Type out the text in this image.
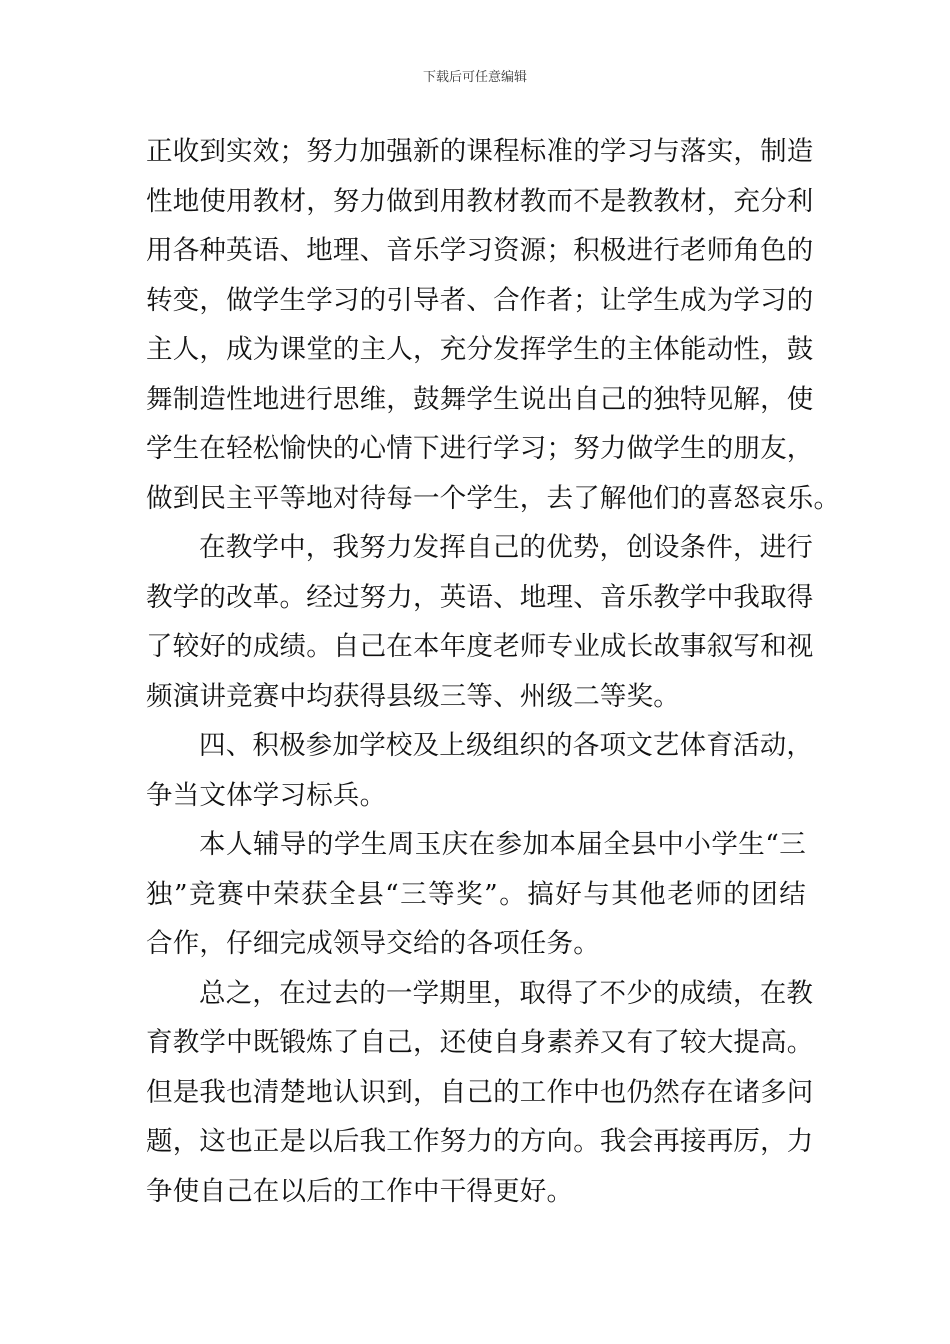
下载后可任意编辑
正收到实效；努力加强新的课程标准的学习与落实，制造
性地使用教材，努力做到用教材教而不是教教材，充分利
用各种英语、地理、音乐学习资源；积极进行老师角色的
转变，做学生学习的引导者、合作者；让学生成为学习的
主人，成为课堂的主人，充分发挥学生的主体能动性，鼓
舞制造性地进行思维，鼓舞学生说出自己的独特见解，使
学生在轻松愉快的心情下进行学习；努力做学生的朋友，
做到民主平等地对待每一个学生，去了解他们的喜怒哀乐。
在教学中，我努力发挥自己的优势，创设条件，进行
教学的改革。经过努力，英语、地理、音乐教学中我取得
了较好的成绩。自己在本年度老师专业成长故事叙写和视
频演讲竞赛中均获得县级三等、州级二等奖。
四、积极参加学校及上级组织的各项文艺体育活动，
争当文体学习标兵。
本人辅导的学生周玉庆在参加本届全县中小学生“三
独”竞赛中荣获全县“三等奖”。搞好与其他老师的团结
合作，仔细完成领导交给的各项任务。
总之，在过去的一学期里，取得了不少的成绩，在教
育教学中既锻炼了自己，还使自身素养又有了较大提高。
但是我也清楚地认识到，自己的工作中也仍然存在诸多问
题，这也正是以后我工作努力的方向。我会再接再厉，力
争使自己在以后的工作中干得更好。
